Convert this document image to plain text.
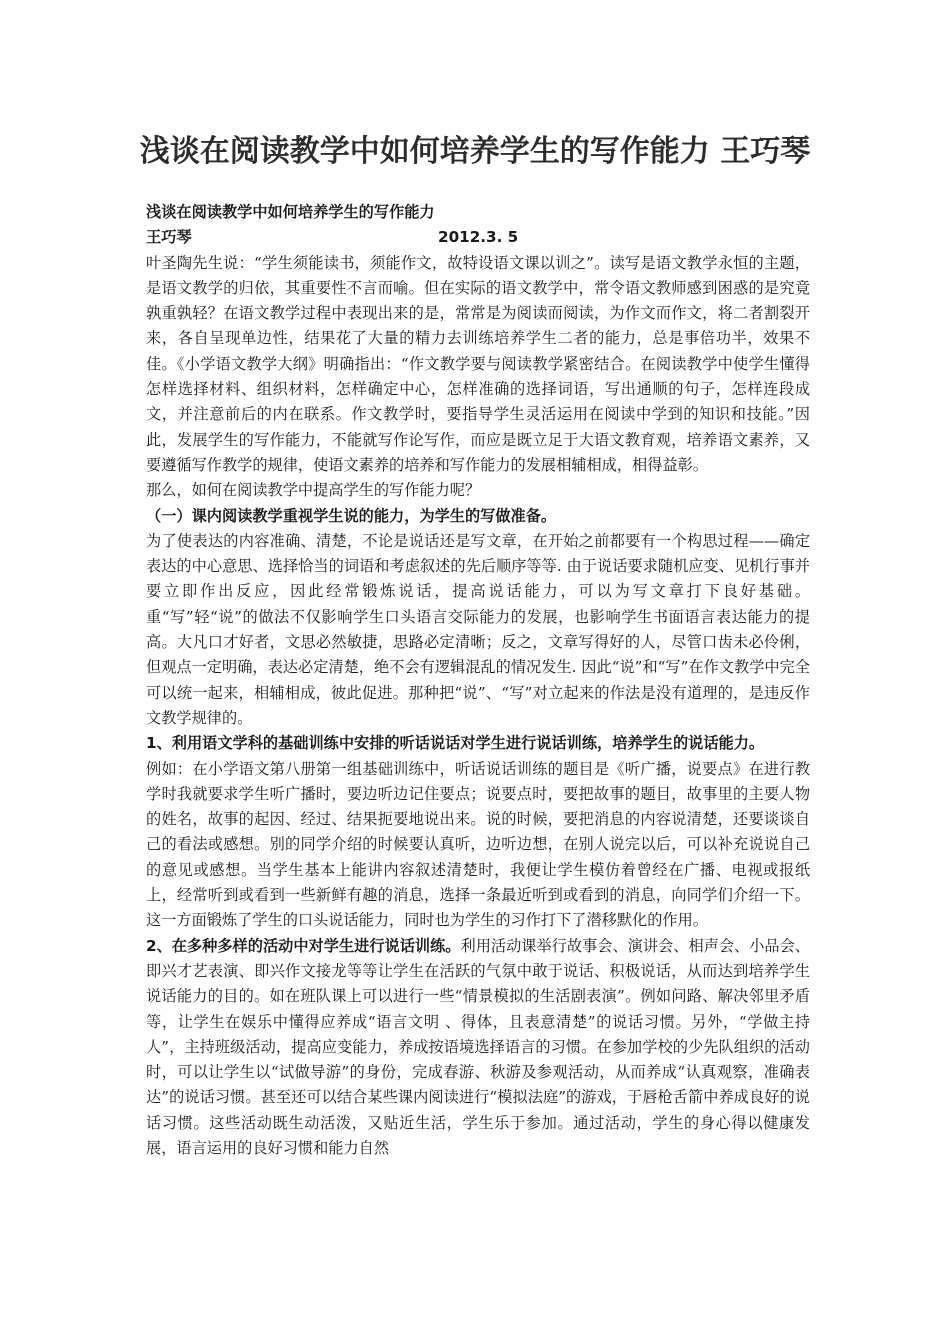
浅谈在阅读教学中如何培养学生的写作能力 王巧琴

浅谈在阅读教学中如何培养学生的写作能力

王巧琴	2012.3. 5

叶圣陶先生说：“学生须能读书，须能作文，故特设语文课以训之”。读写是语文教学永恒的主题，是语文教学的归依，其重要性不言而喻。但在实际的语文教学中，常令语文教师感到困惑的是究竟孰重孰轻？在语文教学过程中表现出来的是，常常是为阅读而阅读，为作文而作文，将二者割裂开来，各自呈现单边性，结果花了大量的精力去训练培养学生二者的能力，总是事倍功半，效果不佳。《小学语文教学大纲》明确指出：“作文教学要与阅读教学紧密结合。在阅读教学中使学生懂得怎样选择材料、组织材料，怎样确定中心，怎样准确的选择词语，写出通顺的句子，怎样连段成文，并注意前后的内在联系。作文教学时，要指导学生灵活运用在阅读中学到的知识和技能。”因此，发展学生的写作能力，不能就写作论写作，而应是既立足于大语文教育观，培养语文素养，又要遵循写作教学的规律，使语文素养的培养和写作能力的发展相辅相成，相得益彰。

那么，如何在阅读教学中提高学生的写作能力呢？

（一）课内阅读教学重视学生说的能力，为学生的写做准备。

为了使表达的内容准确、清楚，不论是说话还是写文章，在开始之前都要有一个构思过程——确定表达的中心意思、选择恰当的词语和考虑叙述的先后顺序等等. 由于说话要求随机应变、见机行事并要立即作出反应，因此经常锻炼说话，提高说话能力，可以为写文章打下良好基础。重“写”轻“说”的做法不仅影响学生口头语言交际能力的发展，也影响学生书面语言表达能力的提高。大凡口才好者，文思必然敏捷，思路必定清晰；反之，文章写得好的人，尽管口齿未必伶俐，但观点一定明确，表达必定清楚，绝不会有逻辑混乱的情况发生. 因此“说”和“写”在作文教学中完全可以统一起来，相辅相成，彼此促进。那种把“说”、“写”对立起来的作法是没有道理的，是违反作文教学规律的。

1、利用语文学科的基础训练中安排的听话说话对学生进行说话训练，培养学生的说话能力。

例如：在小学语文第八册第一组基础训练中，听话说话训练的题目是《听广播，说要点》在进行教学时我就要求学生听广播时，要边听边记住要点；说要点时，要把故事的题目，故事里的主要人物的姓名，故事的起因、经过、结果扼要地说出来。说的时候，要把消息的内容说清楚，还要谈谈自己的看法或感想。别的同学介绍的时候要认真听，边听边想，在别人说完以后，可以补充说说自己的意见或感想。当学生基本上能讲内容叙述清楚时，我便让学生模仿着曾经在广播、电视或报纸上，经常听到或看到一些新鲜有趣的消息，选择一条最近听到或看到的消息，向同学们介绍一下。这一方面锻炼了学生的口头说话能力，同时也为学生的习作打下了潜移默化的作用。

2、在多种多样的活动中对学生进行说话训练。利用活动课举行故事会、演讲会、相声会、小品会、即兴才艺表演、即兴作文接龙等等让学生在活跃的气氛中敢于说话、积极说话，从而达到培养学生说话能力的目的。如在班队课上可以进行一些“情景模拟的生活剧表演”。例如问路、解决邻里矛盾等，让学生在娱乐中懂得应养成“语言文明 、得体，且表意清楚”的说话习惯。另外，“学做主持人”，主持班级活动，提高应变能力，养成按语境选择语言的习惯。在参加学校的少先队组织的活动时，可以让学生以“试做导游”的身份，完成春游、秋游及参观活动，从而养成“认真观察，准确表达”的说话习惯。甚至还可以结合某些课内阅读进行“模拟法庭”的游戏，于唇枪舌箭中养成良好的说 话习惯。这些活动既生动活泼，又贴近生活，学生乐于参加。通过活动，学生的身心得以健康发展，语言运用的良好习惯和能力自然
